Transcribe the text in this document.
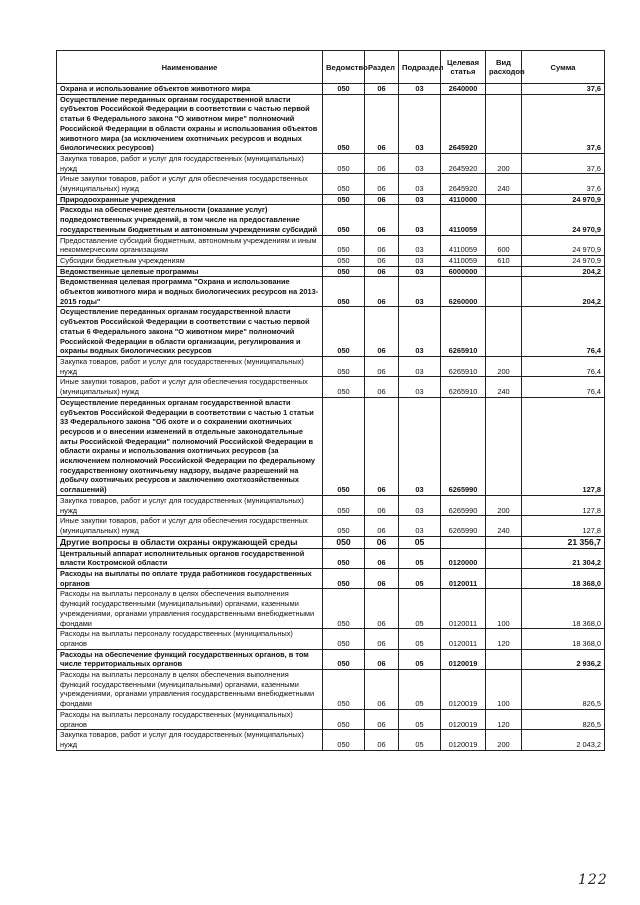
Наименование	Ведомство	Раздел	Подраздел	Целевая статья	Вид расходов	Сумма
Охрана и использование объектов животного мира	050	06	03	2640000		37,6
Осуществление переданных органам государственной власти субъектов Российской Федерации в соответствии с частью первой статьи 6 Федерального закона "О животном мире" полномочий Российской Федерации в области охраны и использования объектов животного мира (за исключением охотничьих ресурсов и водных биологических ресурсов)	050	06	03	2645920		37,6
Закупка товаров, работ и услуг для государственных (муниципальных) нужд	050	06	03	2645920	200	37,6
Иные закупки товаров, работ и услуг для обеспечения государственных (муниципальных) нужд	050	06	03	2645920	240	37,6
Природоохранные учреждения	050	06	03	4110000		24 970,9
Расходы на обеспечение деятельности (оказание услуг) подведомственных учреждений, в том числе на предоставление государственным бюджетным и автономным учреждениям субсидий	050	06	03	4110059		24 970,9
Предоставление субсидий бюджетным, автономным учреждениям и иным некоммерческим организациям	050	06	03	4110059	600	24 970,9
Субсидии бюджетным учреждениям	050	06	03	4110059	610	24 970,9
Ведомственные целевые программы	050	06	03	6000000		204,2
Ведомственная целевая программа "Охрана и использование объектов животного мира и водных биологических ресурсов на 2013-2015 годы"	050	06	03	6260000		204,2
Осуществление переданных органам государственной власти субъектов Российской Федерации в соответствии с частью первой статьи 6 Федерального закона "О животном мире" полномочий Российской Федерации в области организации, регулирования и охраны водных биологических ресурсов	050	06	03	6265910		76,4
Закупка товаров, работ и услуг для государственных (муниципальных) нужд	050	06	03	6265910	200	76,4
Иные закупки товаров, работ и услуг для обеспечения государственных (муниципальных) нужд	050	06	03	6265910	240	76,4
Осуществление переданных органам государственной власти субъектов Российской Федерации в соответствии с частью 1 статьи 33 Федерального закона "Об охоте и о сохранении охотничьих ресурсов и о внесении изменений в отдельные законодательные акты Российской Федерации" полномочий Российской Федерации в области охраны и использования охотничьих ресурсов (за исключением полномочий Российской Федерации по федеральному государственному охотничьему надзору, выдаче разрешений на добычу охотничьих ресурсов и заключению охотхозяйственных соглашений)	050	06	03	6265990		127,8
Закупка товаров, работ и услуг для государственных (муниципальных) нужд	050	06	03	6265990	200	127,8
Иные закупки товаров, работ и услуг для обеспечения государственных (муниципальных) нужд	050	06	03	6265990	240	127,8
Другие вопросы в области охраны окружающей среды	050	06	05			21 356,7
Центральный аппарат исполнительных органов государственной власти Костромской области	050	06	05	0120000		21 304,2
Расходы на выплаты по оплате труда работников государственных органов	050	06	05	0120011		18 368,0
Расходы на выплаты персоналу в целях обеспечения выполнения функций государственными (муниципальными) органами, казенными учреждениями, органами управления государственными внебюджетными фондами	050	06	05	0120011	100	18 368,0
Расходы на выплаты персоналу государственных (муниципальных) органов	050	06	05	0120011	120	18 368,0
Расходы на обеспечение функций государственных органов, в том числе территориальных органов	050	06	05	0120019		2 936,2
Расходы на выплаты персоналу в целях обеспечения выполнения функций государственными (муниципальными) органами, казенными учреждениями, органами управления государственными внебюджетными фондами	050	06	05	0120019	100	826,5
Расходы на выплаты персоналу государственных (муниципальных) органов	050	06	05	0120019	120	826,5
Закупка товаров, работ и услуг для государственных (муниципальных) нужд	050	06	05	0120019	200	2 043,2
122
